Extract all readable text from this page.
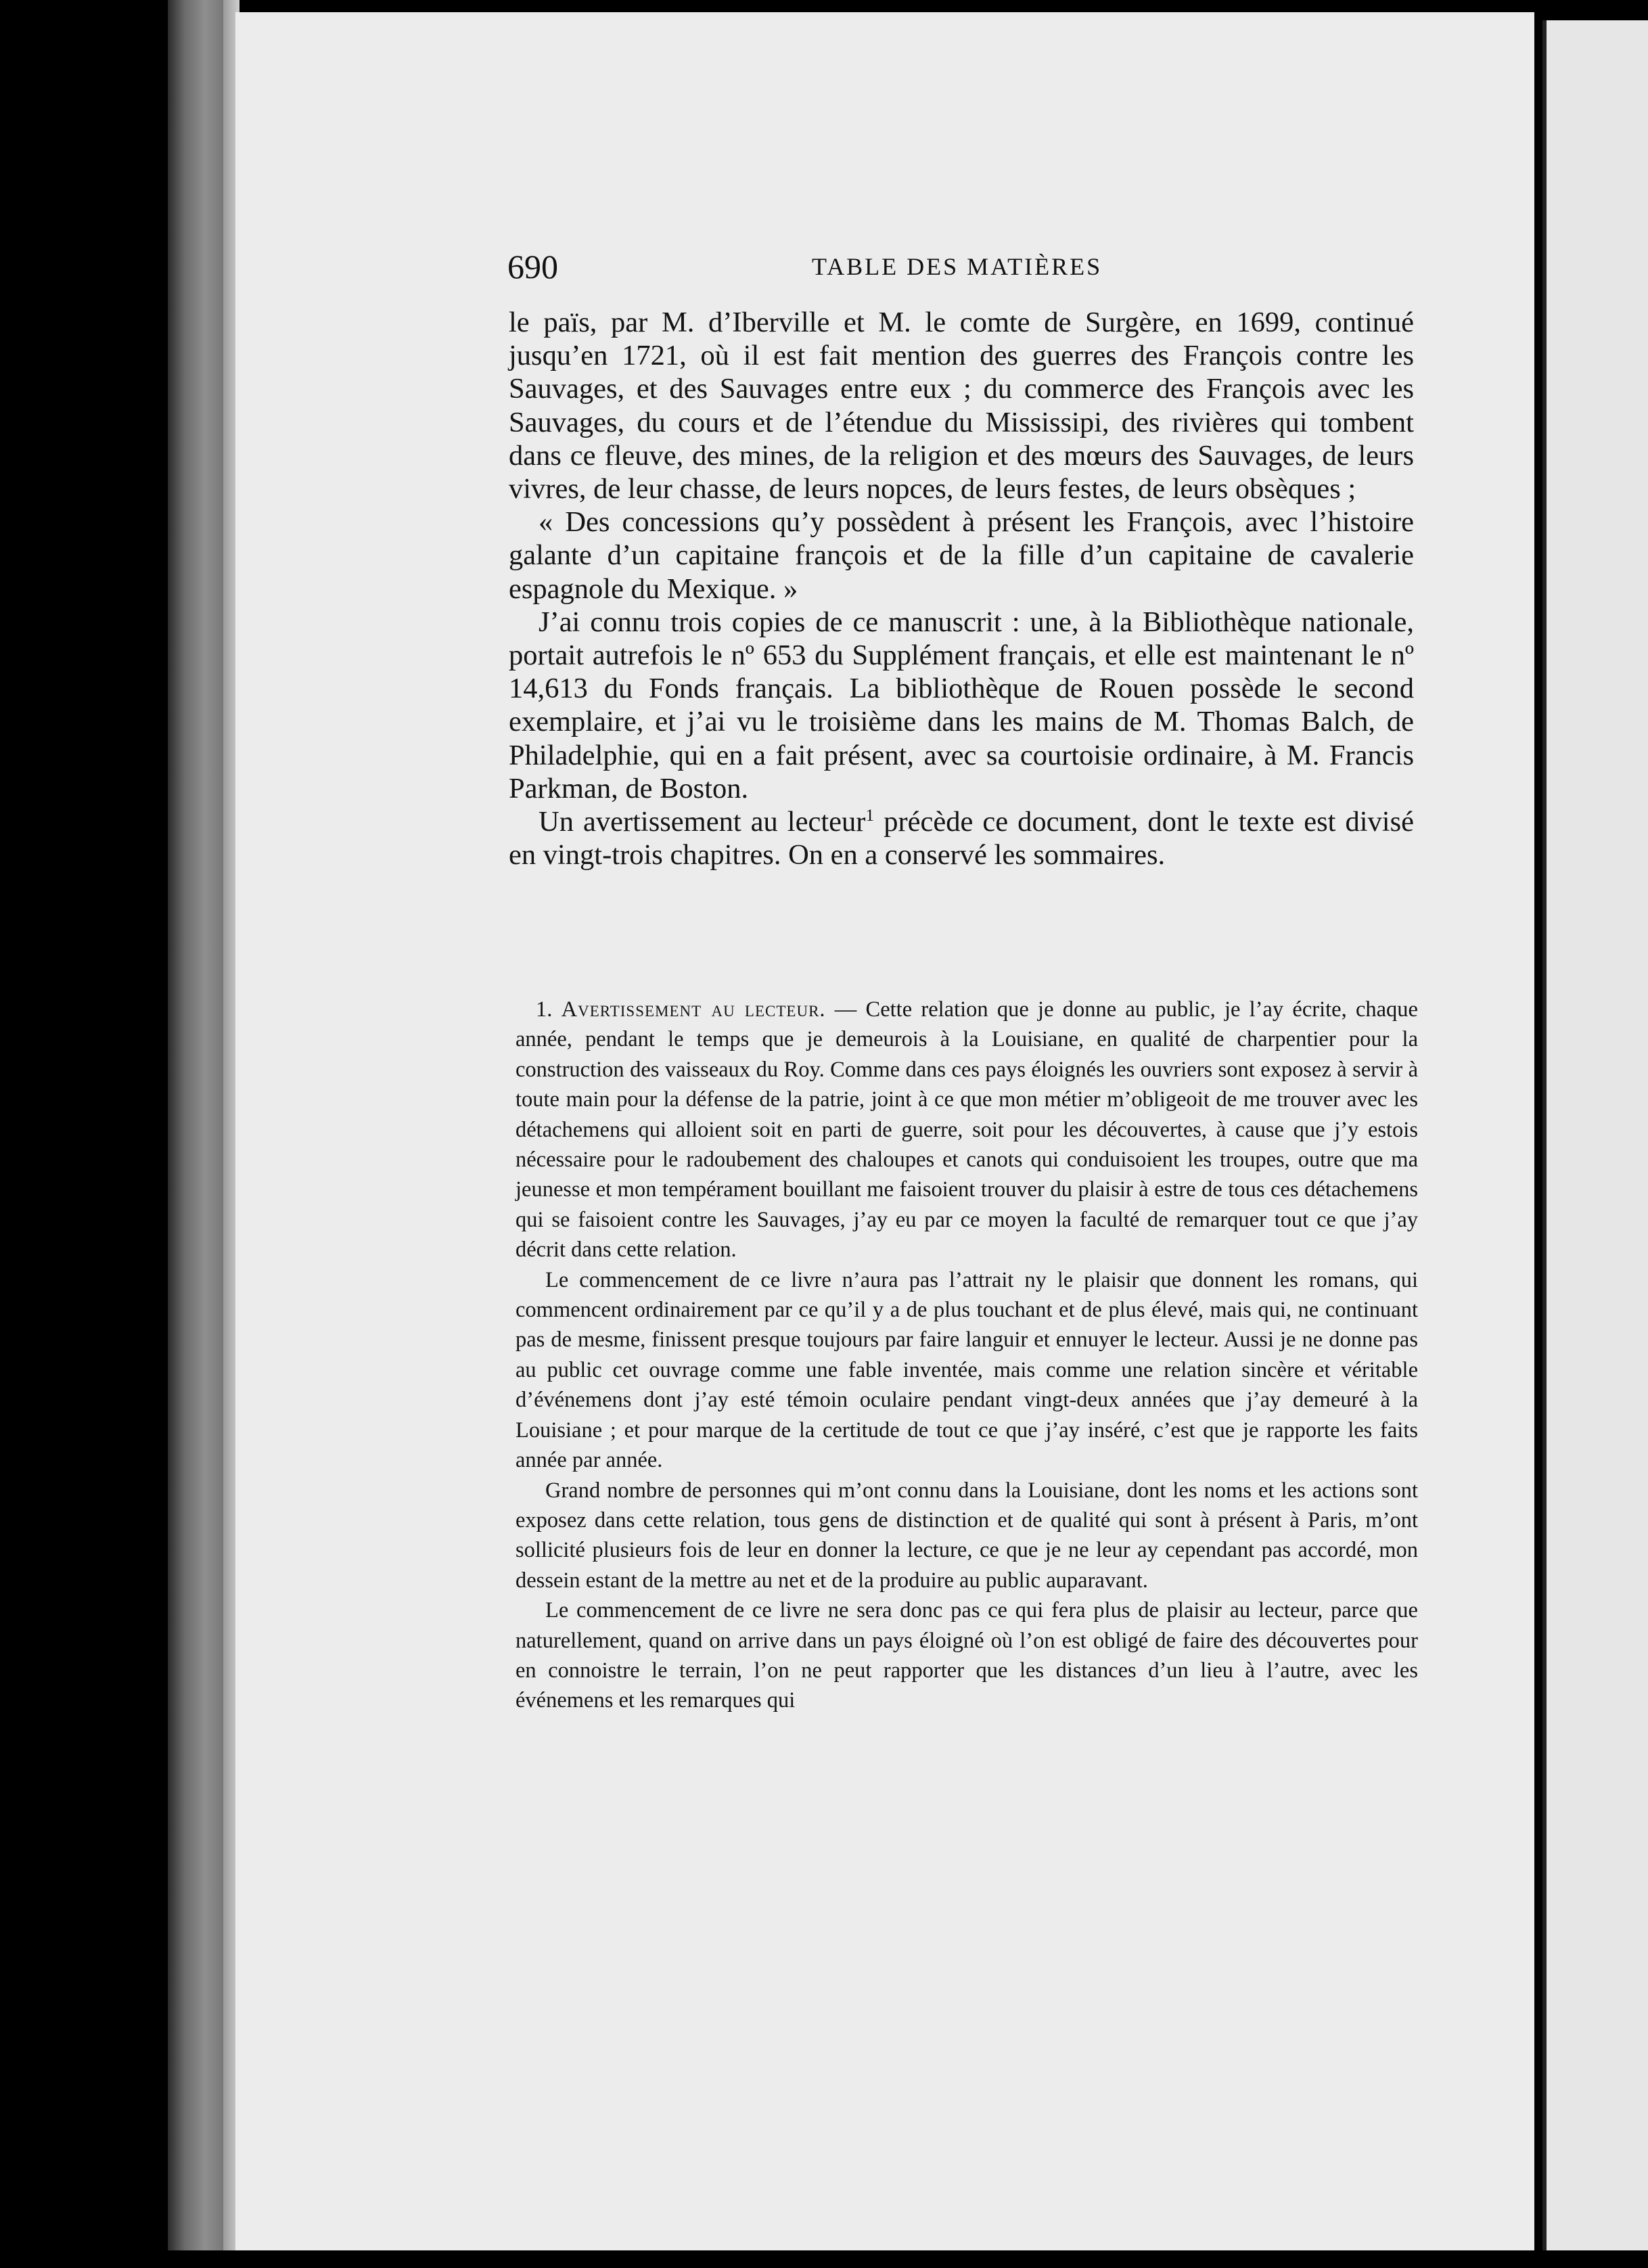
690	TABLE DES MATIÈRES

le païs, par M. d’Iberville et M. le comte de Surgère, en 1699, continué jusqu’en 1721, où il est fait mention des guerres des François contre les Sauvages, et des Sauvages entre eux ; du commerce des François avec les Sauvages, du cours et de l’étendue du Mississipi, des rivières qui tombent dans ce fleuve, des mines, de la religion et des mœurs des Sauvages, de leurs vivres, de leur chasse, de leurs nopces, de leurs festes, de leurs obsèques ;

« Des concessions qu’y possèdent à présent les François, avec l’histoire galante d’un capitaine françois et de la fille d’un capitaine de cavalerie espagnole du Mexique. »

J’ai connu trois copies de ce manuscrit : une, à la Bibliothèque nationale, portait autrefois le nº 653 du Supplément français, et elle est maintenant le nº 14,613 du Fonds français. La bibliothèque de Rouen possède le second exemplaire, et j’ai vu le troisième dans les mains de M. Thomas Balch, de Philadelphie, qui en a fait présent, avec sa courtoisie ordinaire, à M. Francis Parkman, de Boston.

Un avertissement au lecteur$^1$ précède ce document, dont le texte est divisé en vingt-trois chapitres. On en a conservé les sommaires.

1. Avertissement au lecteur. — Cette relation que je donne au public, je l’ay écrite, chaque année, pendant le temps que je demeurois à la Louisiane, en qualité de charpentier pour la construction des vaisseaux du Roy. Comme dans ces pays éloignés les ouvriers sont exposez à servir à toute main pour la défense de la patrie, joint à ce que mon métier m’obligeoit de me trouver avec les détachemens qui alloient soit en parti de guerre, soit pour les découvertes, à cause que j’y estois nécessaire pour le radoubement des chaloupes et canots qui conduisoient les troupes, outre que ma jeunesse et mon tempérament bouillant me faisoient trouver du plaisir à estre de tous ces détachemens qui se faisoient contre les Sauvages, j’ay eu par ce moyen la faculté de remarquer tout ce que j’ay décrit dans cette relation.

Le commencement de ce livre n’aura pas l’attrait ny le plaisir que donnent les romans, qui commencent ordinairement par ce qu’il y a de plus touchant et de plus élevé, mais qui, ne continuant pas de mesme, finissent presque toujours par faire languir et ennuyer le lecteur. Aussi je ne donne pas au public cet ouvrage comme une fable inventée, mais comme une relation sincère et véritable d’événemens dont j’ay esté témoin oculaire pendant vingt-deux années que j’ay demeuré à la Louisiane ; et pour marque de la certitude de tout ce que j’ay inséré, c’est que je rapporte les faits année par année.

Grand nombre de personnes qui m’ont connu dans la Louisiane, dont les noms et les actions sont exposez dans cette relation, tous gens de distinction et de qualité qui sont à présent à Paris, m’ont sollicité plusieurs fois de leur en donner la lecture, ce que je ne leur ay cependant pas accordé, mon dessein estant de la mettre au net et de la produire au public auparavant.

Le commencement de ce livre ne sera donc pas ce qui fera plus de plaisir au lecteur, parce que naturellement, quand on arrive dans un pays éloigné où l’on est obligé de faire des découvertes pour en connoistre le terrain, l’on ne peut rapporter que les distances d’un lieu à l’autre, avec les événemens et les remarques qui
